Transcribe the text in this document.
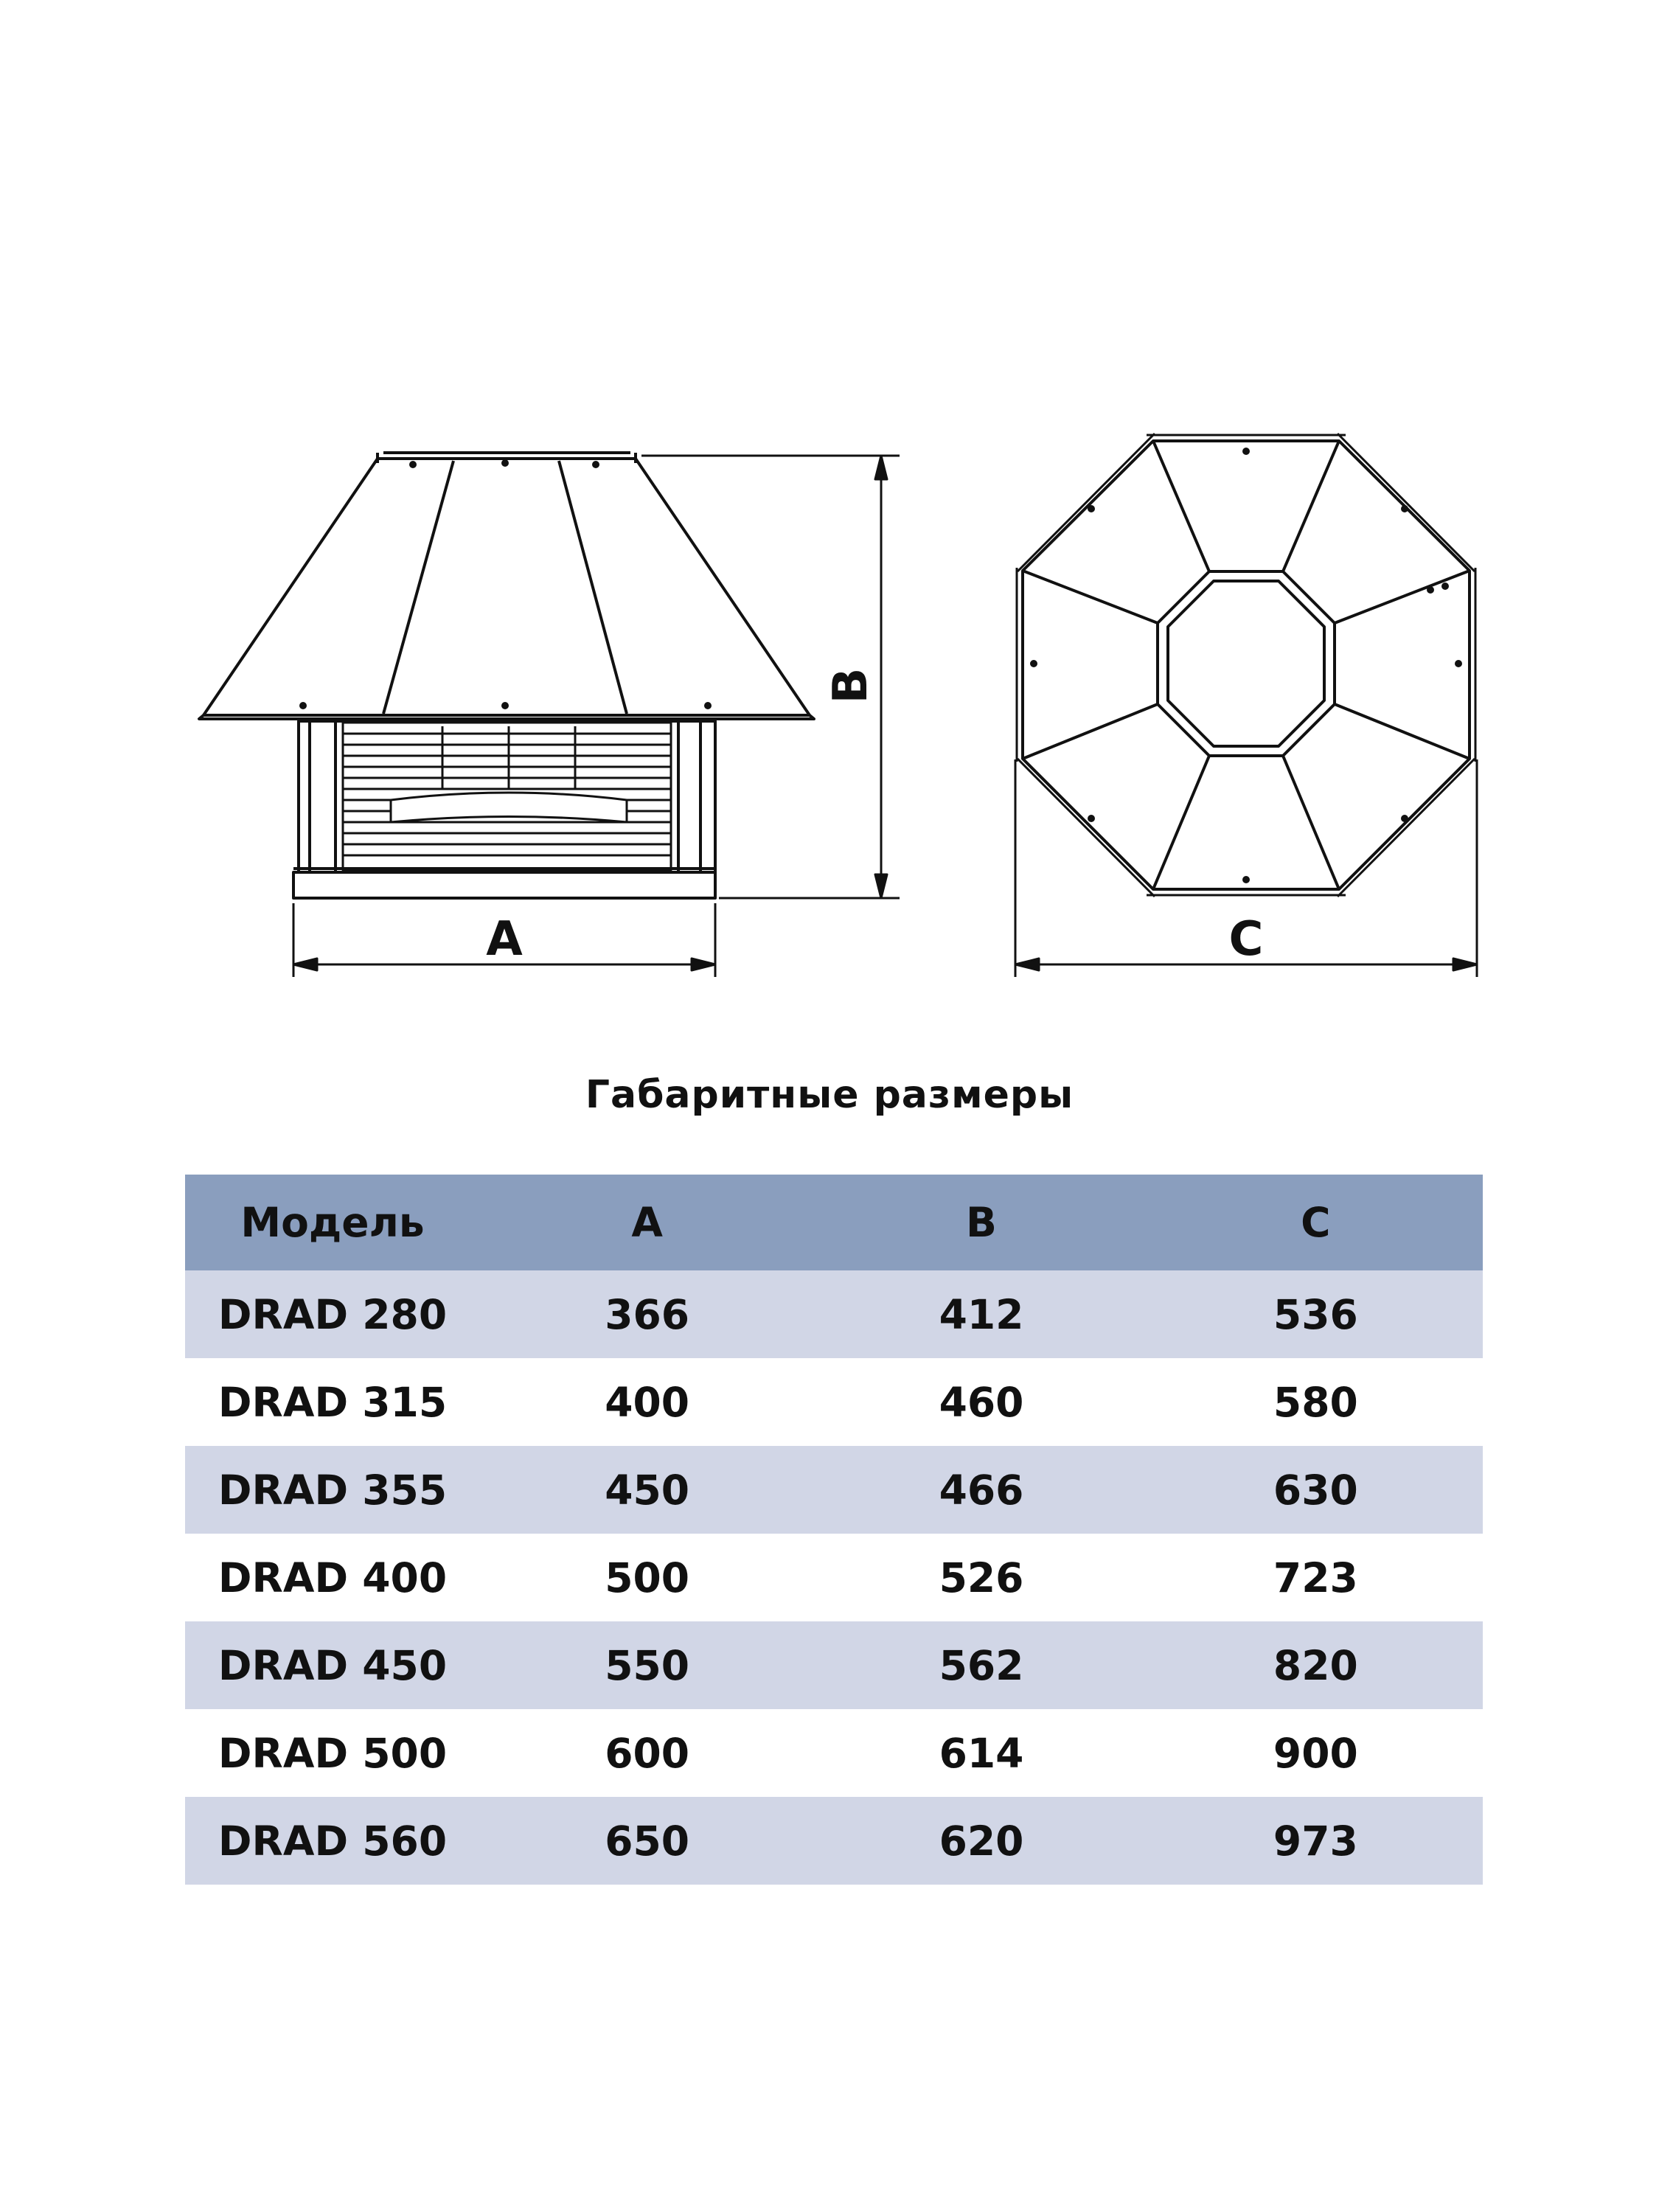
A
B
C
Габаритные размеры
Модель	A	B	C
DRAD 280	366	412	536
DRAD 315	400	460	580
DRAD 355	450	466	630
DRAD 400	500	526	723
DRAD 450	550	562	820
DRAD 500	600	614	900
DRAD 560	650	620	973
